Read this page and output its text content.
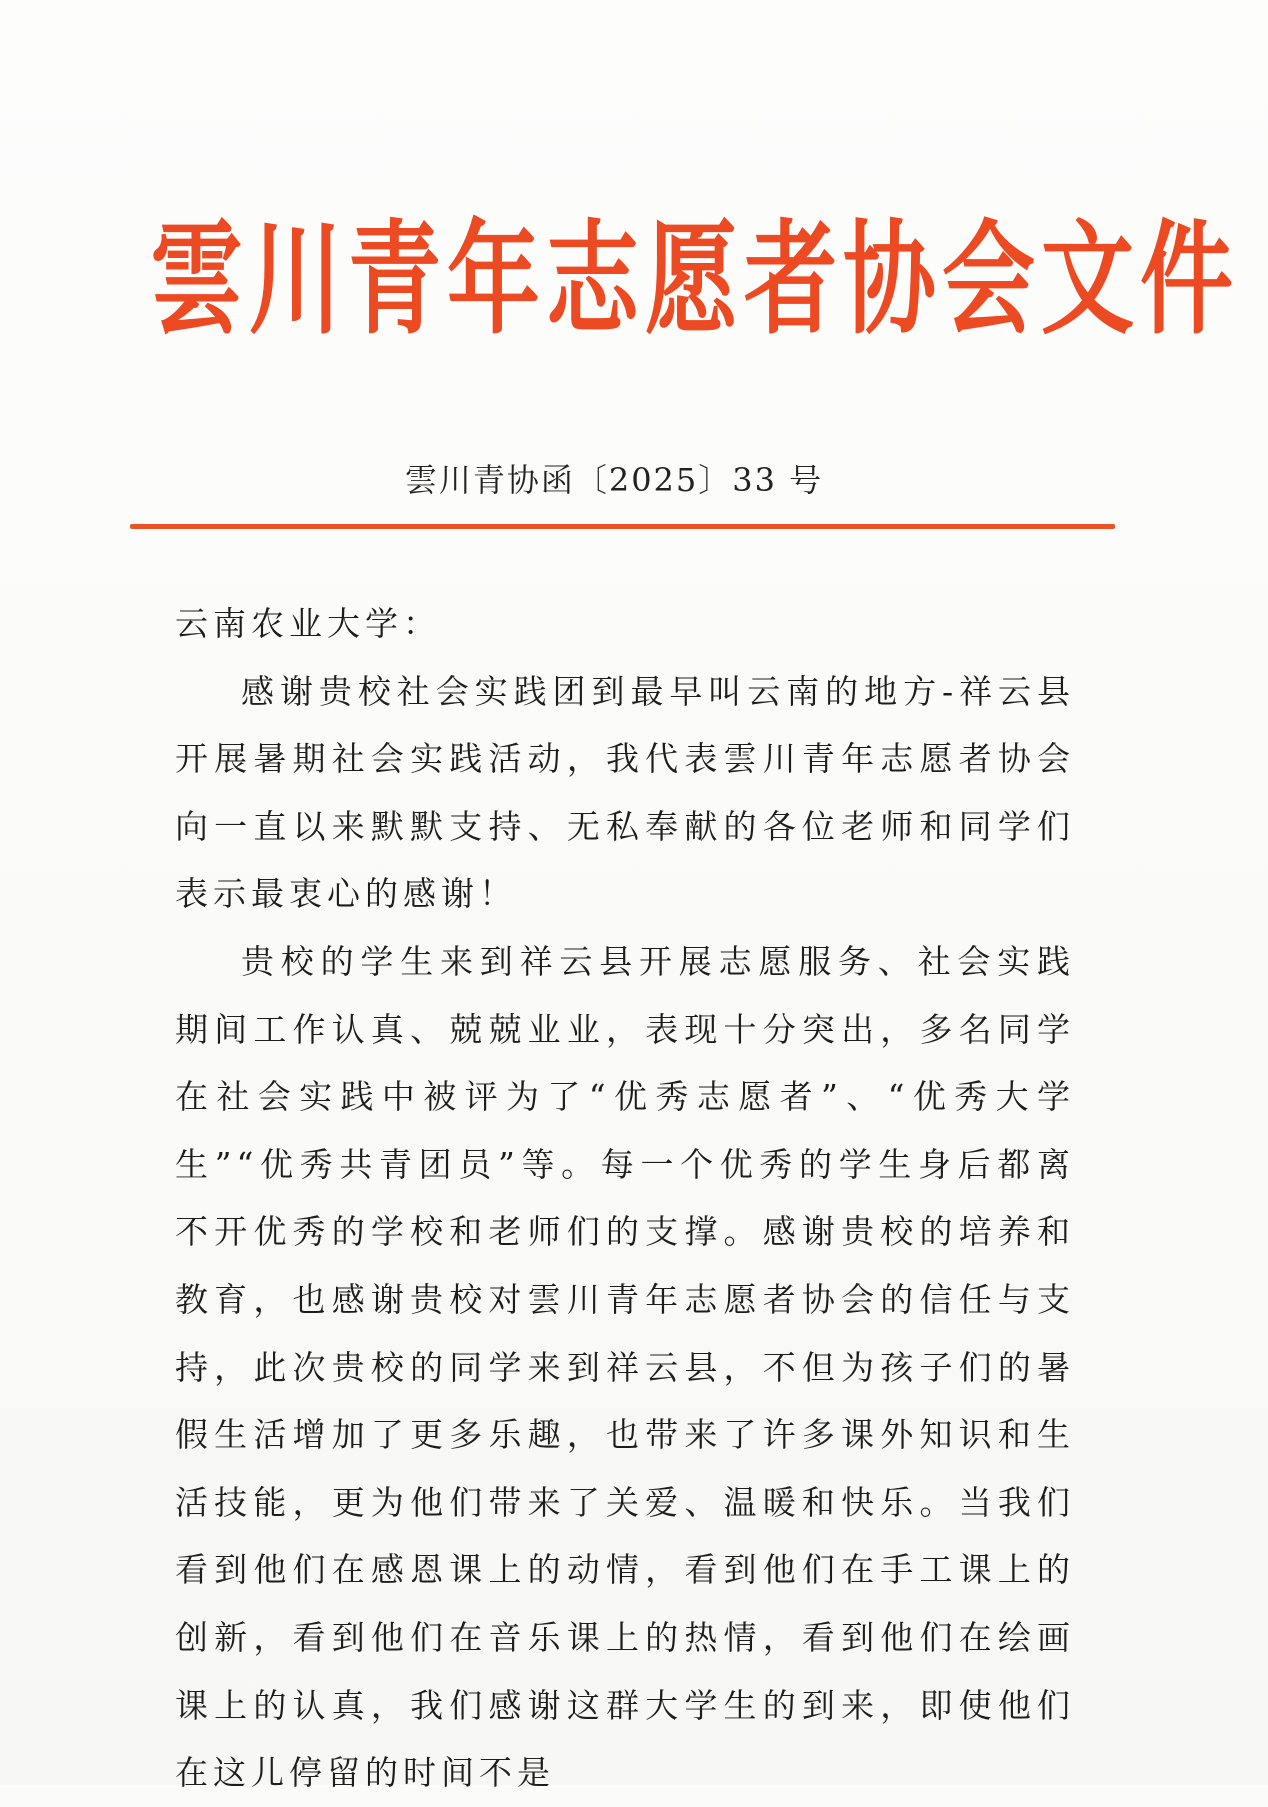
雲川青年志愿者协会文件
雲川青协函〔2025〕33 号

云南农业大学：

感谢贵校社会实践团到最早叫云南的地方-祥云县开展暑期社会实践活动，我代表雲川青年志愿者协会向一直以来默默支持、无私奉献的各位老师和同学们表示最衷心的感谢！

贵校的学生来到祥云县开展志愿服务、社会实践期间工作认真、兢兢业业，表现十分突出，多名同学在社会实践中被评为了“优秀志愿者”、“优秀大学生”“优秀共青团员”等。每一个优秀的学生身后都离不开优秀的学校和老师们的支撑。感谢贵校的培养和教育，也感谢贵校对雲川青年志愿者协会的信任与支持，此次贵校的同学来到祥云县，不但为孩子们的暑假生活增加了更多乐趣，也带来了许多课外知识和生活技能，更为他们带来了关爱、温暖和快乐。当我们看到他们在感恩课上的动情，看到他们在手工课上的创新，看到他们在音乐课上的热情，看到他们在绘画课上的认真，我们感谢这群大学生的到来，即使他们在这儿停留的时间不是
